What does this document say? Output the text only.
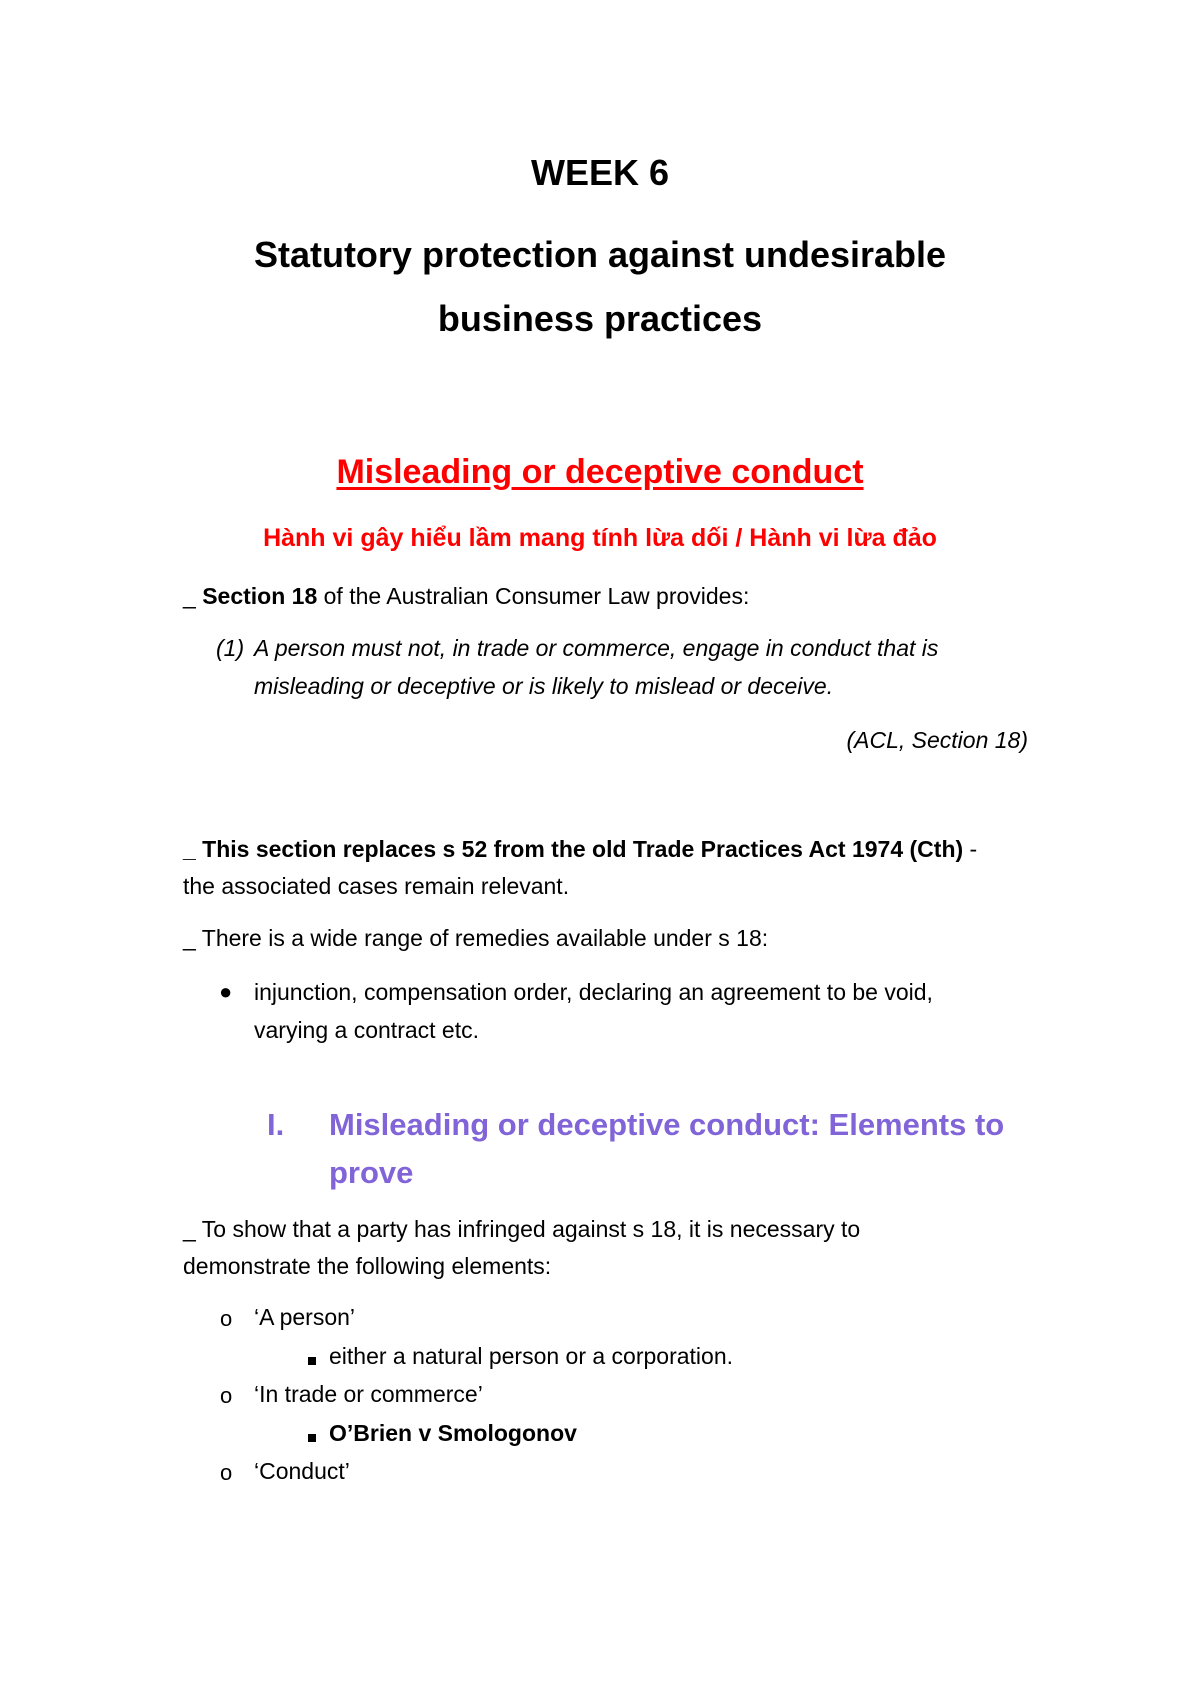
WEEK 6
Statutory protection against undesirable
business practices
Misleading or deceptive conduct
Hành vi gây hiểu lầm mang tính lừa dối / Hành vi lừa đảo
_ Section 18 of the Australian Consumer Law provides:
(1) A person must not, in trade or commerce, engage in conduct that is
misleading or deceptive or is likely to mislead or deceive.
(ACL, Section 18)
_ This section replaces s 52 from the old Trade Practices Act 1974 (Cth) -
the associated cases remain relevant.
_ There is a wide range of remedies available under s 18:
● injunction, compensation order, declaring an agreement to be void,
varying a contract etc.
I. Misleading or deceptive conduct: Elements to
prove
_ To show that a party has infringed against s 18, it is necessary to
demonstrate the following elements:
o ‘A person’
either a natural person or a corporation.
o ‘In trade or commerce’
O’Brien v Smologonov
o ‘Conduct’
